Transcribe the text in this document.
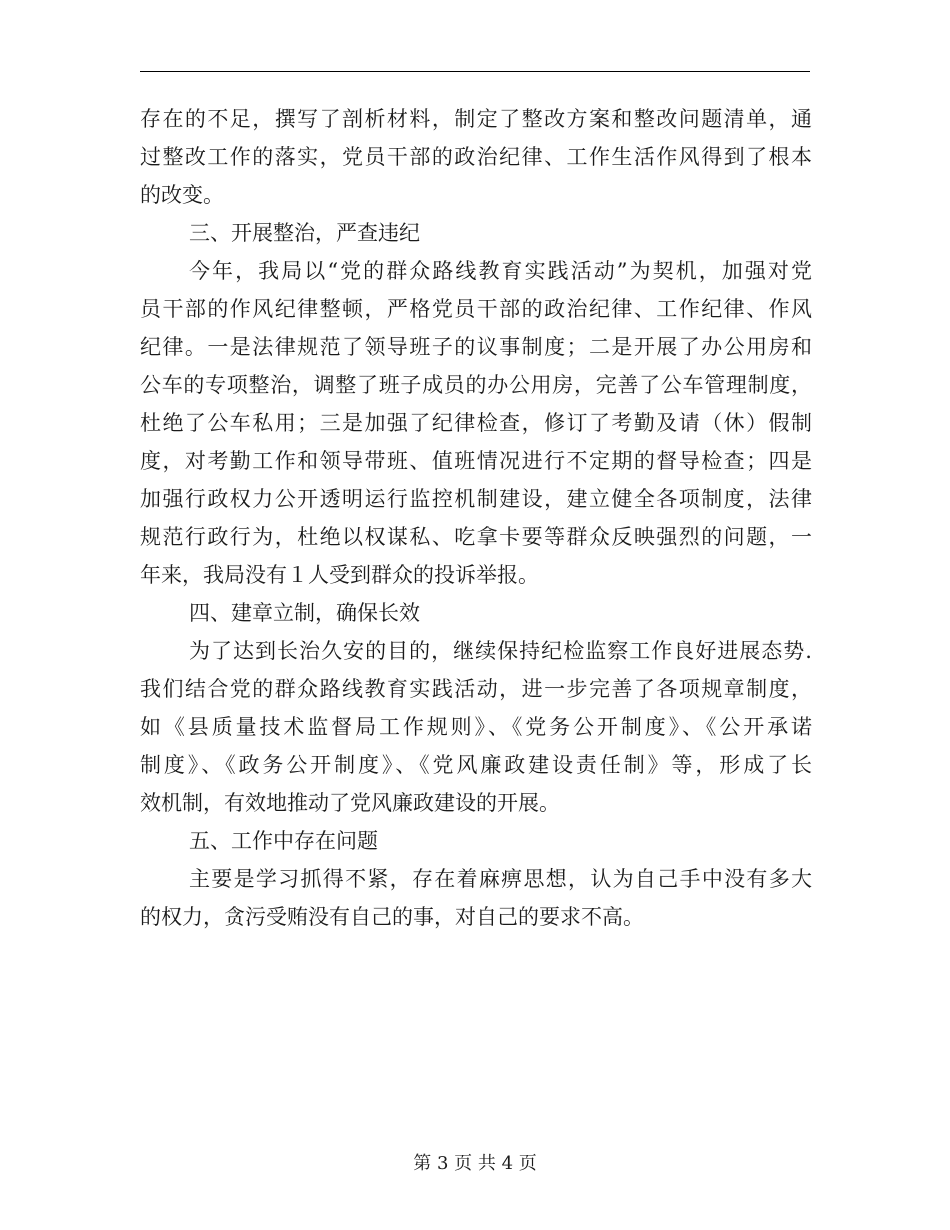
存在的不足，撰写了剖析材料，制定了整改方案和整改问题清单，通
过整改工作的落实，党员干部的政治纪律、工作生活作风得到了根本
的改变。
三、开展整治，严查违纪
今年，我局以“党的群众路线教育实践活动”为契机，加强对党
员干部的作风纪律整顿，严格党员干部的政治纪律、工作纪律、作风
纪律。一是法律规范了领导班子的议事制度；二是开展了办公用房和
公车的专项整治，调整了班子成员的办公用房，完善了公车管理制度，
杜绝了公车私用；三是加强了纪律检查，修订了考勤及请（休）假制
度，对考勤工作和领导带班、值班情况进行不定期的督导检查；四是
加强行政权力公开透明运行监控机制建设，建立健全各项制度，法律
规范行政行为，杜绝以权谋私、吃拿卡要等群众反映强烈的问题，一
年来，我局没有１人受到群众的投诉举报。
四、建章立制，确保长效
为了达到长治久安的目的，继续保持纪检监察工作良好进展态势.
我们结合党的群众路线教育实践活动，进一步完善了各项规章制度，
如《县质量技术监督局工作规则》、《党务公开制度》、《公开承诺
制度》、《政务公开制度》、《党风廉政建设责任制》等，形成了长
效机制，有效地推动了党风廉政建设的开展。
五、工作中存在问题
主要是学习抓得不紧，存在着麻痹思想，认为自己手中没有多大
的权力，贪污受贿没有自己的事，对自己的要求不高。
第 3 页 共 4 页
